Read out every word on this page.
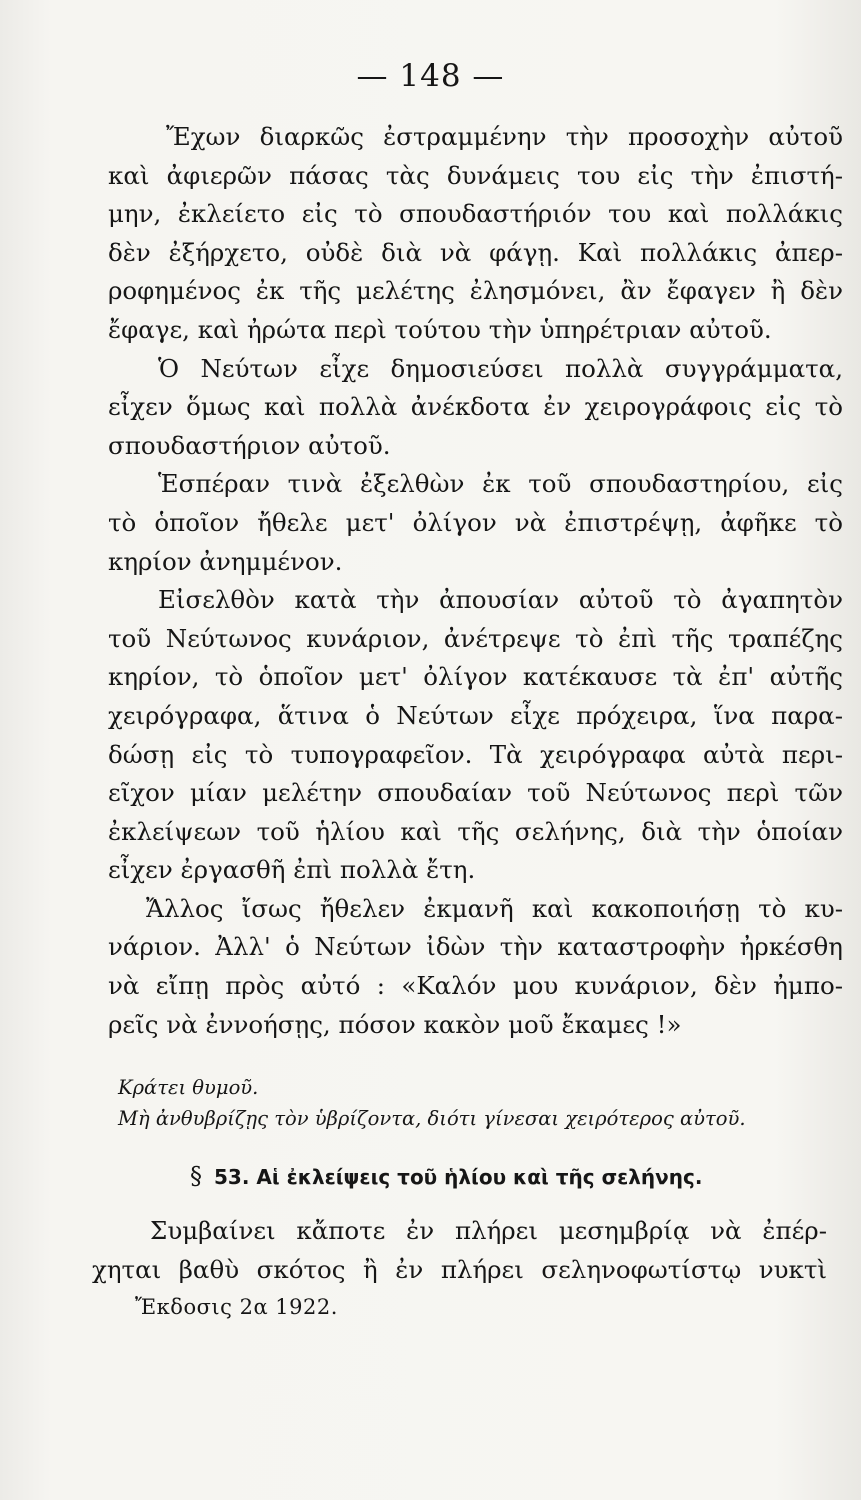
— 148 —

Ἔχων διαρκῶς ἐστραμμένην τὴν προσοχὴν αὐτοῦ
καὶ ἀφιερῶν πάσας τὰς δυνάμεις του εἰς τὴν ἐπιστή-
μην, ἐκλείετο εἰς τὸ σπουδαστήριόν του καὶ πολλάκις
δὲν ἐξήρχετο, οὐδὲ διὰ νὰ φάγῃ. Καὶ πολλάκις ἀπερ-
ροφημένος ἐκ τῆς μελέτης ἐλησμόνει, ἂν ἔφαγεν ἢ δὲν
ἔφαγε, καὶ ἠρώτα περὶ τούτου τὴν ὑπηρέτριαν αὐτοῦ.

Ὁ Νεύτων εἶχε δημοσιεύσει πολλὰ συγγράμματα,
εἶχεν ὅμως καὶ πολλὰ ἀνέκδοτα ἐν χειρογράφοις εἰς τὸ
σπουδαστήριον αὐτοῦ.

Ἑσπέραν τινὰ ἐξελθὼν ἐκ τοῦ σπουδαστηρίου, εἰς
τὸ ὁποῖον ἤθελε μετ' ὀλίγον νὰ ἐπιστρέψῃ, ἀφῆκε τὸ
κηρίον ἀνημμένον.

Εἰσελθὸν κατὰ τὴν ἀπουσίαν αὐτοῦ τὸ ἀγαπητὸν
τοῦ Νεύτωνος κυνάριον, ἀνέτρεψε τὸ ἐπὶ τῆς τραπέζης
κηρίον, τὸ ὁποῖον μετ' ὀλίγον κατέκαυσε τὰ ἐπ' αὐτῆς
χειρόγραφα, ἅτινα ὁ Νεύτων εἶχε πρόχειρα, ἵνα παρα-
δώσῃ εἰς τὸ τυπογραφεῖον. Τὰ χειρόγραφα αὐτὰ περι-
εῖχον μίαν μελέτην σπουδαίαν τοῦ Νεύτωνος περὶ τῶν
ἐκλείψεων τοῦ ἡλίου καὶ τῆς σελήνης, διὰ τὴν ὁποίαν
εἶχεν ἐργασθῆ ἐπὶ πολλὰ ἔτη.

Ἄλλος ἴσως ἤθελεν ἐκμανῆ καὶ κακοποιήσῃ τὸ κυ-
νάριον. Ἀλλ' ὁ Νεύτων ἰδὼν τὴν καταστροφὴν ἠρκέσθη
νὰ εἴπῃ πρὸς αὐτό : «Καλόν μου κυνάριον, δὲν ἠμπο-
ρεῖς νὰ ἐννοήσῃς, πόσον κακὸν μοῦ ἔκαμες !»

Κράτει θυμοῦ.
Μὴ ἀνθυβρίζῃς τὸν ὑβρίζοντα, διότι γίνεσαι χειρότερος αὐτοῦ.
§ 53. Αἱ ἐκλείψεις τοῦ ἡλίου καὶ τῆς σελήνης.
Συμβαίνει κἄποτε ἐν πλήρει μεσημβρίᾳ νὰ ἐπέρ-
χηται βαθὺ σκότος ἢ ἐν πλήρει σεληνοφωτίστῳ νυκτὶ
Ἔκδοσις 2α 1922.
